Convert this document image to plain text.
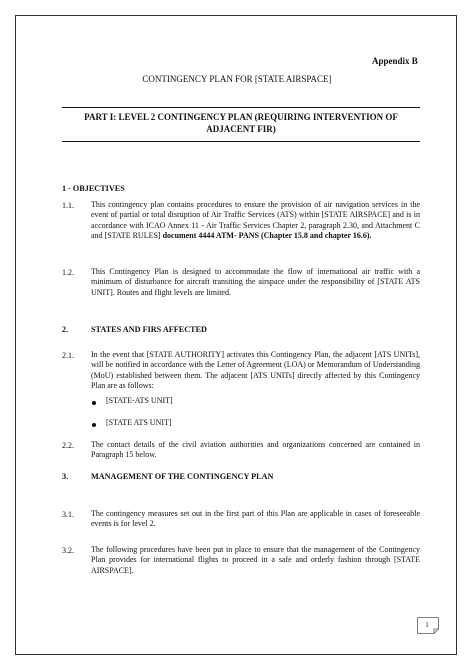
Appendix B
CONTINGENCY PLAN FOR [STATE AIRSPACE]
PART I: LEVEL 2 CONTINGENCY PLAN (REQUIRING INTERVENTION OF
ADJACENT FIR)
1 - OBJECTIVES
1.1. This contingency plan contains procedures to ensure the provision of air navigation services in the event of partial or total disruption of Air Traffic Services (ATS) within [STATE AIRSPACE] and is in accordance with ICAO Annex 11 - Air Traffic Services Chapter 2, paragraph 2.30, and Attachment C and [STATE RULES] document 4444 ATM- PANS (Chapter 15.8 and chapter 16.6).
1.2. This Contingency Plan is designed to accommodate the flow of international air traffic with a minimum of disturbance for aircraft transiting the airspace under the responsibility of [STATE ATS UNIT]. Routes and flight levels are limited.
2.	STATES AND FIRS AFFECTED
2.1. In the event that [STATE AUTHORITY] activates this Contingency Plan, the adjacent [ATS UNITs], will be notified in accordance with the Letter of Agreement (LOA) or Memorandum of Understanding (MoU) established between them. The adjacent [ATS UNITs] directly affected by this Contingency Plan are as follows:
[STATE-ATS UNIT]
[STATE ATS UNIT]
2.2. The contact details of the civil aviation authorities and organizations concerned are contained in Paragraph 15 below.
3.	MANAGEMENT OF THE CONTINGENCY PLAN
3.1. The contingency measures set out in the first part of this Plan are applicable in cases of foreseeable events is for level 2.
3.2. The following procedures have been put in place to ensure that the management of the Contingency Plan provides for international flights to proceed in a safe and orderly fashion through [STATE AIRSPACE].
1
